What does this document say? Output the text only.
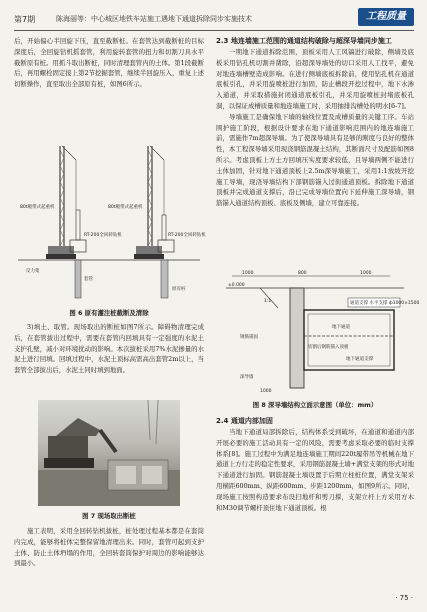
第7期	陈海丽等：中心城区地铁车站施工遇地下通道拆除同步实施技术	工程质量

后，开始偏心半回旋下压，直至截断桩。在套管达到截断桩的目标深度后，全回旋钻机摇套管，利用旋转套管的扭力和切割刀具水平截断原有桩。用抓斗取出断桩，同时清理套管内的土体。第1段截断后，再用螺栓固定接上第2节挖掘套管，继续半回旋压入，重复上述切断操作，直至取出全部原有桩，如图6所示。

80t履带式起重机	80t履带式起重机
RT-200全回转钻机	RT-200全回转钻机
反力架
套管
原有桩
图 6 原有灌注桩截断及清除

3)填土、取管。现场取出的断桩如图7所示。障碍物清理完成后，在套管拔出过程中，需要在套管内回填具有一定强度的水泥土支护孔壁，减小对环境扰动的影响。本次拔桩采用7%水泥掺量的水泥土进行回填。回填过程中，水泥土顶标高需高出套管2m以上，当套管全部拔出后，水泥土同时填到地面。

图 7 现场取出断桩

施工表明，采用全回转钻机拔桩，桩处理过程基本都是在套筒内完成，能够将桩体完整保留地清理出来。同时，套管可起到支护土体、防止土体坍塌的作用，全回转套筒保护对周边的影响能够达到最小。

2.3 地连墙施工范围的通道结构破除与超深导墙同步施工

一期地下通道拆除范围，顶板采用人工风镐进行破除，侧墙及底板采用钻孔机切割并凿除，沿超深导墙处的切口采用人工找平，避免对地连墙槽壁造成影响。在进行侧墙底板拆除前，使用钻孔机在通道底板引孔，并采用旋喷桩进行加固，防止槽段开挖过程中，地下水渗入通道，并采取措施封闭通道底板引孔，并采用旋喷桩封堵底板孔洞，以保证成槽质量和地连墙施工时，采用抽排沟槽处的明水[6-7]。

导墙施工是确保地下墙的轴线位置及成槽质量的关键工序。车站围护施工阶段，根据设计要求在地下通道影响范围内的地连墙施工前，需施作7m超深导墙。为了使深导墙具有足够的刚度与良好的整体性，本工程深导墙采用现浇钢筋混凝土结构，其断面尺寸及配筋如图8所示。考虑顶板上方土方回填压实度要求较低，且导墙两侧不能进行土体加固，针对地下通道顶板上2.5m深导墙施工，采用1:1放坡开挖施工导墙，现浇导墙结构下部钢筋锚入过街通道顶板。拆除地下通道顶板并完成通道支撑后，沿已完成导墙位置向下延伸施工深导墙，钢筋锚入通道结构顶板、底板及侧墙，建立可靠连接。

1000	800	1000
±0.000
1:1	通道支撑 水平支撑 ф1000×1500
地下通道
切割后钢筋锚入顶板
地下通道支撑
钢筋锚固
深导墙
1000
图 8 深导墙结构立面示意图（单位：mm）
2.4 通道内部加固

当地下通道局部拆除后，结构体系受到破坏，在通道和通道内部开展必要的施工活动具有一定的风险，需要考虑采取必要的临时支撑体系[8]。施工过程中为满足地连墙施工期间220t履带吊等机械在地下通道上方行走的稳定性要求，采用钢筋混凝土墙+满堂支架的形式对地下通道进行加固。钢筋混凝土墙设置于后期立柱桩位置，满堂支架采用横距600mm、纵距600mm、步距1200mm，如图9所示。同时，现场施工按照构造要求布设扫地杆和剪刀撑，支架立杆上方采用方木和M30调节螺杆顶住地下通道顶板。根

· 75 ·
